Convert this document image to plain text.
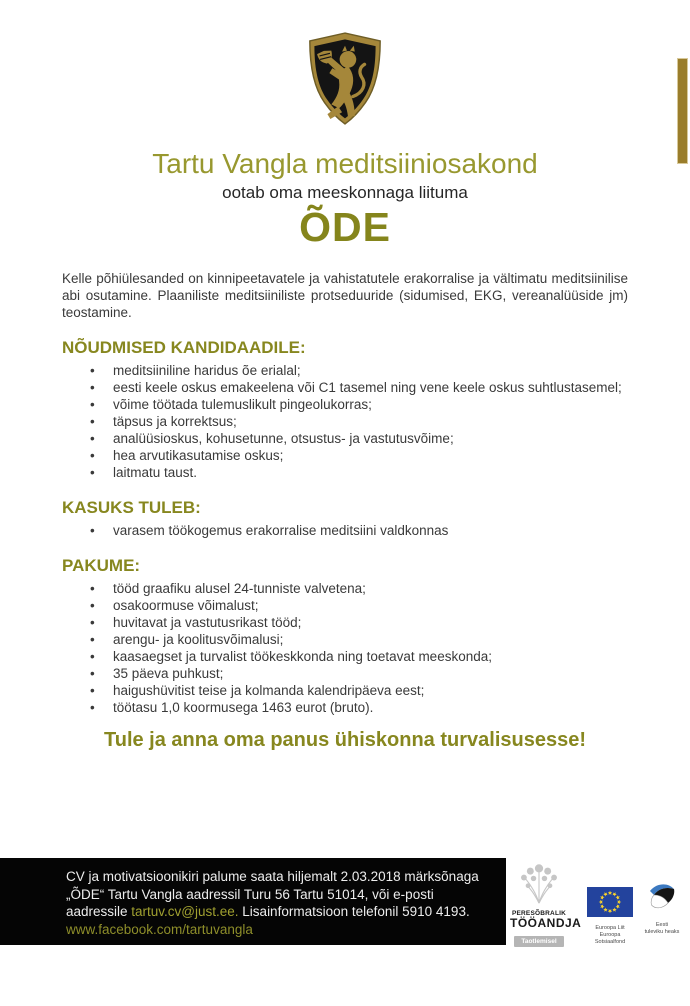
Tartu Vangla meditsiiniosakond
ootab oma meeskonnaga liituma
ÕDE

Kelle põhiülesanded on kinnipeetavatele ja vahistatutele erakorralise ja vältimatu meditsiinilise abi osutamine. Plaaniliste meditsiiniliste protseduuride (sidumised, EKG, vereanalüüside jm) teostamine.

NÕUDMISED KANDIDAADILE:
• meditsiiniline haridus õe erialal;
• eesti keele oskus emakeelena või C1 tasemel ning vene keele oskus suhtlustasemel;
• võime töötada tulemuslikult pingeolukorras;
• täpsus ja korrektsus;
• analüüsioskus, kohusetunne, otsustus- ja vastutusvõime;
• hea arvutikasutamise oskus;
• laitmatu taust.
KASUKS TULEB:
• varasem töökogemus erakorralise meditsiini valdkonnas
PAKUME:
• tööd graafiku alusel 24-tunniste valvetena;
• osakoormuse võimalust;
• huvitavat ja vastutusrikast tööd;
• arengu- ja koolitusvõimalusi;
• kaasaegset ja turvalist töökeskkonda ning toetavat meeskonda;
• 35 päeva puhkust;
• haigushüvitist teise ja kolmanda kalendripäeva eest;
• töötasu 1,0 koormusega 1463 eurot (bruto).
Tule ja anna oma panus ühiskonna turvalisusesse!
CV ja motivatsioonikiri palume saata hiljemalt 2.03.2018 märksõnaga
„ÕDE“ Tartu Vangla aadressil Turu 56 Tartu 51014, või e-posti
aadressile tartuv.cv@just.ee. Lisainformatsioon telefonil 5910 4193.
www.facebook.com/tartuvangla
PERESÕBRALIK
TÖÖANDJA
Taotlemisel
Euroopa Liit
Euroopa Sotsiaalfond
Eesti
tuleviku heaks
